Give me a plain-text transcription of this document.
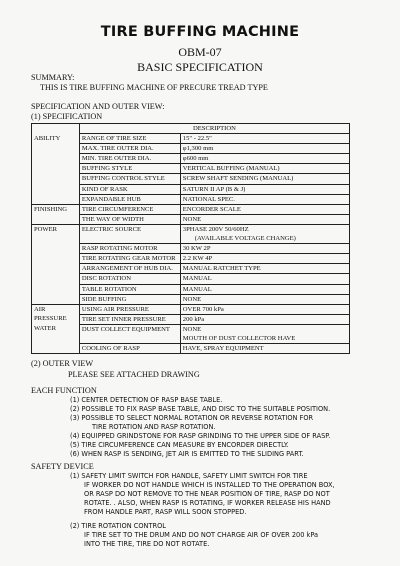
TIRE BUFFING MACHINE
OBM-07
BASIC SPECIFICATION
SUMMARY:
THIS IS TIRE BUFFING MACHINE OF PRECURE TREAD TYPE
SPECIFICATION AND OUTER VIEW:
(1) SPECIFICATION
	DESCRIPTION	
ABILITY	RANGE OF TIRE SIZE	15" - 22.5"
	MAX. TIRE OUTER DIA.	φ1,300 mm
	MIN. TIRE OUTER DIA.	φ600 mm
	BUFFING STYLE	VERTICAL BUFFING (MANUAL)
	BUFFING CONTROL STYLE	SCREW SHAFT SENDING (MANUAL)
	KIND OF RASK	SATURN II AP (B & J)
	EXPANDABLE HUB	NATIONAL SPEC.
FINISHING	TIRE CIRCUMFERENCE	ENCORDER SCALE
	THE WAY OF WIDTH	NONE
POWER	ELECTRIC SOURCE	3PHASE 200V 50/60HZ
		(AVAILABLE VOLTAGE CHANGE)
	RASP ROTATING MOTOR	30 KW 2P
	TIRE ROTATING GEAR MOTOR	2.2 KW 4P
	ARRANGEMENT OF HUB DIA.	MANUAL RATCHET TYPE
	DISC ROTATION	MANUAL
	TABLE ROTATION	MANUAL
	SIDE BUFFING	NONE
AIR	USING AIR PRESSURE	OVER 700 kPa
PRESSURE	TIRE SET INNER PRESSURE	200 kPa
WATER	DUST COLLECT EQUIPMENT	NONE
		MOUTH OF DUST COLLECTOR HAVE
	COOLING OF RASP	HAVE, SPRAY EQUIPMENT
(2) OUTER VIEW
PLEASE SEE ATTACHED DRAWING
EACH FUNCTION
(1) CENTER DETECTION OF RASP BASE TABLE.
(2) POSSIBLE TO FIX RASP BASE TABLE, AND DISC TO THE SUITABLE POSITION.
(3) POSSIBLE TO SELECT NORMAL ROTATION OR REVERSE ROTATION FOR
TIRE ROTATION AND RASP ROTATION.
(4) EQUIPPED GRINDSTONE FOR RASP GRINDING TO THE UPPER SIDE OF RASP.
(5) TIRE CIRCUMFERENCE CAN MEASURE BY ENCORDER DIRECTLY.
(6) WHEN RASP IS SENDING, JET AIR IS EMITTED TO THE SLIDING PART.
SAFETY DEVICE
(1) SAFETY LIMIT SWITCH FOR HANDLE, SAFETY LIMIT SWITCH FOR TIRE
IF WORKER DO NOT HANDLE WHICH IS INSTALLED TO THE OPERATION BOX,
OR RASP DO NOT REMOVE TO THE NEAR POSITION OF TIRE, RASP DO NOT
ROTATE. . ALSO, WHEN RASP IS ROTATING, IF WORKER RELEASE HIS HAND
FROM HANDLE PART, RASP WILL SOON STOPPED.
(2) TIRE ROTATION CONTROL
IF TIRE SET TO THE DRUM AND DO NOT CHARGE AIR OF OVER 200 kPa
INTO THE TIRE, TIRE DO NOT ROTATE.
